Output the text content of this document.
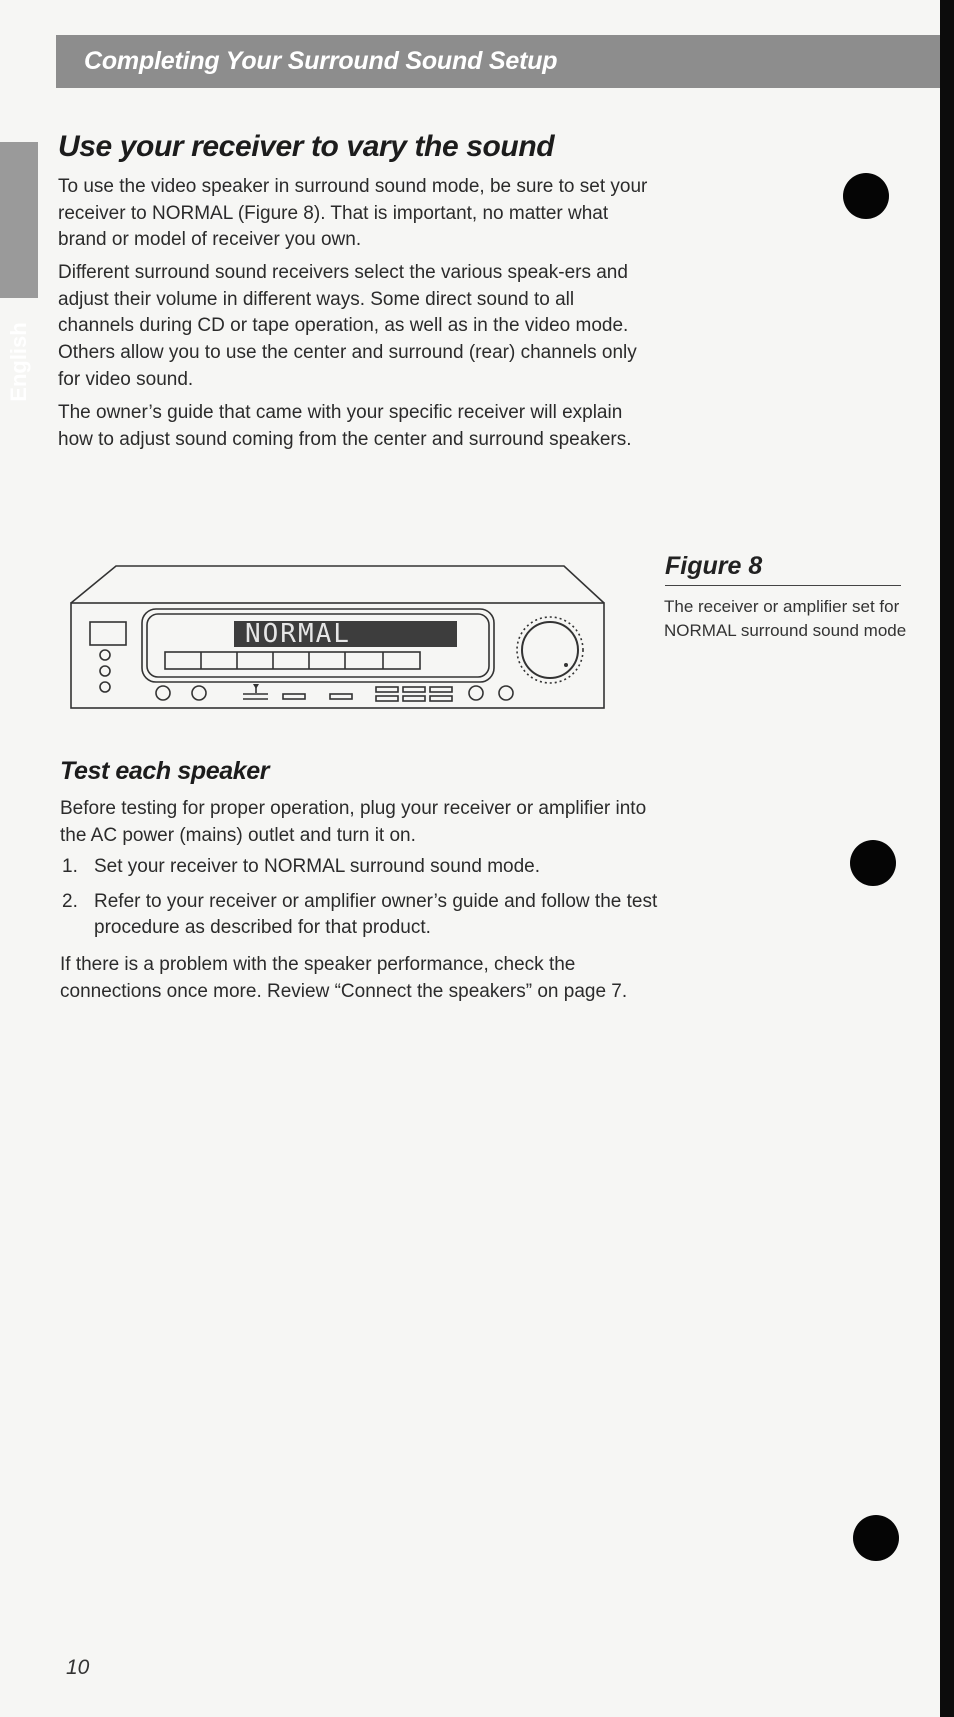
Completing Your Surround Sound Setup
English
Use your receiver to vary the sound

To use the video speaker in surround sound mode, be sure to set your receiver to NORMAL (Figure 8). That is important, no matter what brand or model of receiver you own.

Different surround sound receivers select the various speak-ers and adjust their volume in different ways. Some direct sound to all channels during CD or tape operation, as well as in the video mode. Others allow you to use the center and surround (rear) channels only for video sound.

The owner’s guide that came with your specific receiver will explain how to adjust sound coming from the center and surround speakers.

NORMAL
Figure 8

The receiver or amplifier set for NORMAL surround sound mode

Test each speaker

Before testing for proper operation, plug your receiver or amplifier into the AC power (mains) outlet and turn it on.

1. Set your receiver to NORMAL surround sound mode.
2. Refer to your receiver or amplifier owner’s guide and follow the test procedure as described for that product.

If there is a problem with the speaker performance, check the connections once more. Review “Connect the speakers” on page 7.

10
